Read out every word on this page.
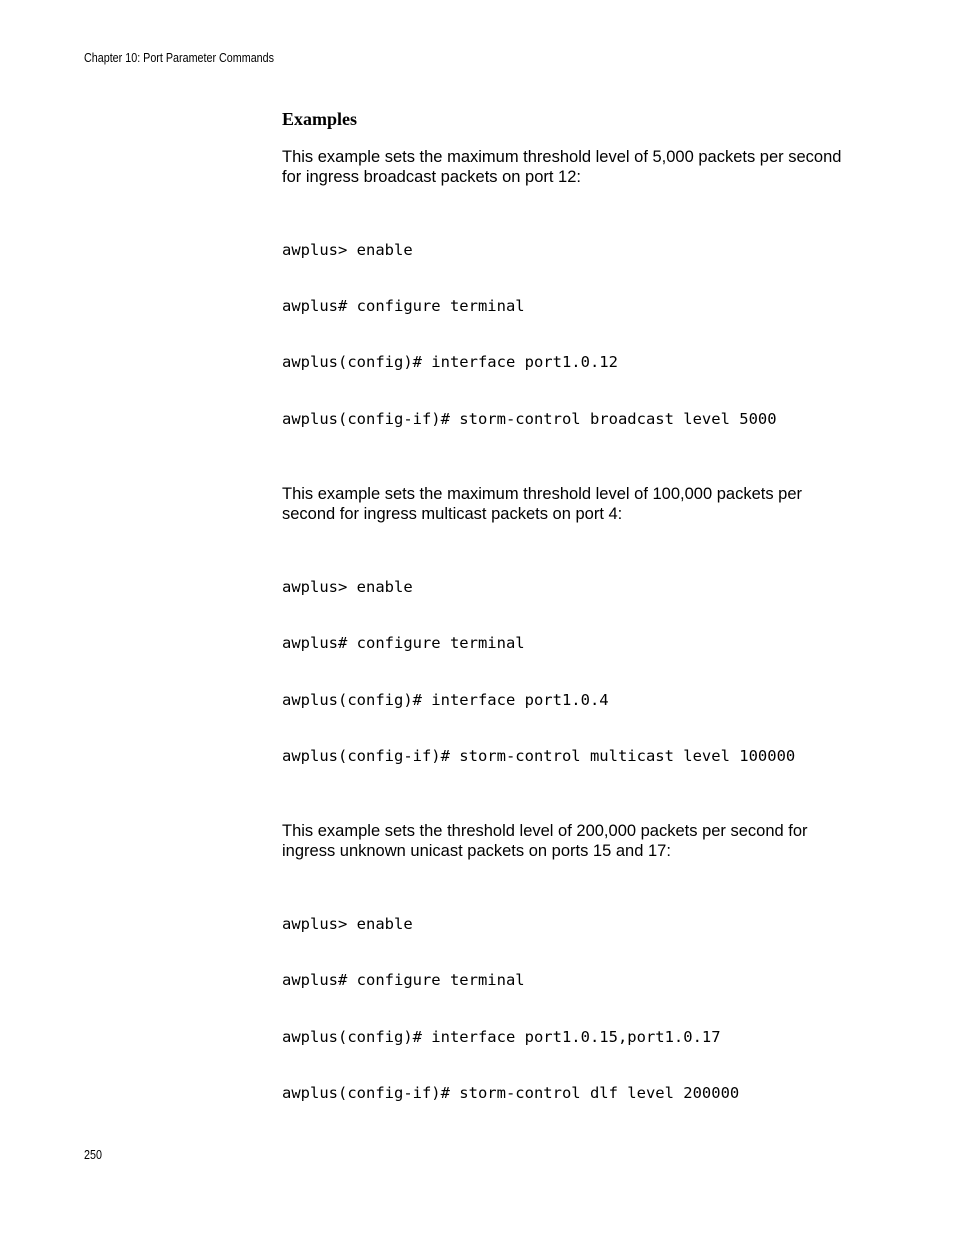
Chapter 10: Port Parameter Commands
Examples
This example sets the maximum threshold level of 5,000 packets per second for ingress broadcast packets on port 12:

awplus> enable

awplus# configure terminal

awplus(config)# interface port1.0.12

awplus(config-if)# storm-control broadcast level 5000

This example sets the maximum threshold level of 100,000 packets per second for ingress multicast packets on port 4:

awplus> enable

awplus# configure terminal

awplus(config)# interface port1.0.4

awplus(config-if)# storm-control multicast level 100000

This example sets the threshold level of 200,000 packets per second for ingress unknown unicast packets on ports 15 and 17:

awplus> enable

awplus# configure terminal

awplus(config)# interface port1.0.15,port1.0.17

awplus(config-if)# storm-control dlf level 200000

250
